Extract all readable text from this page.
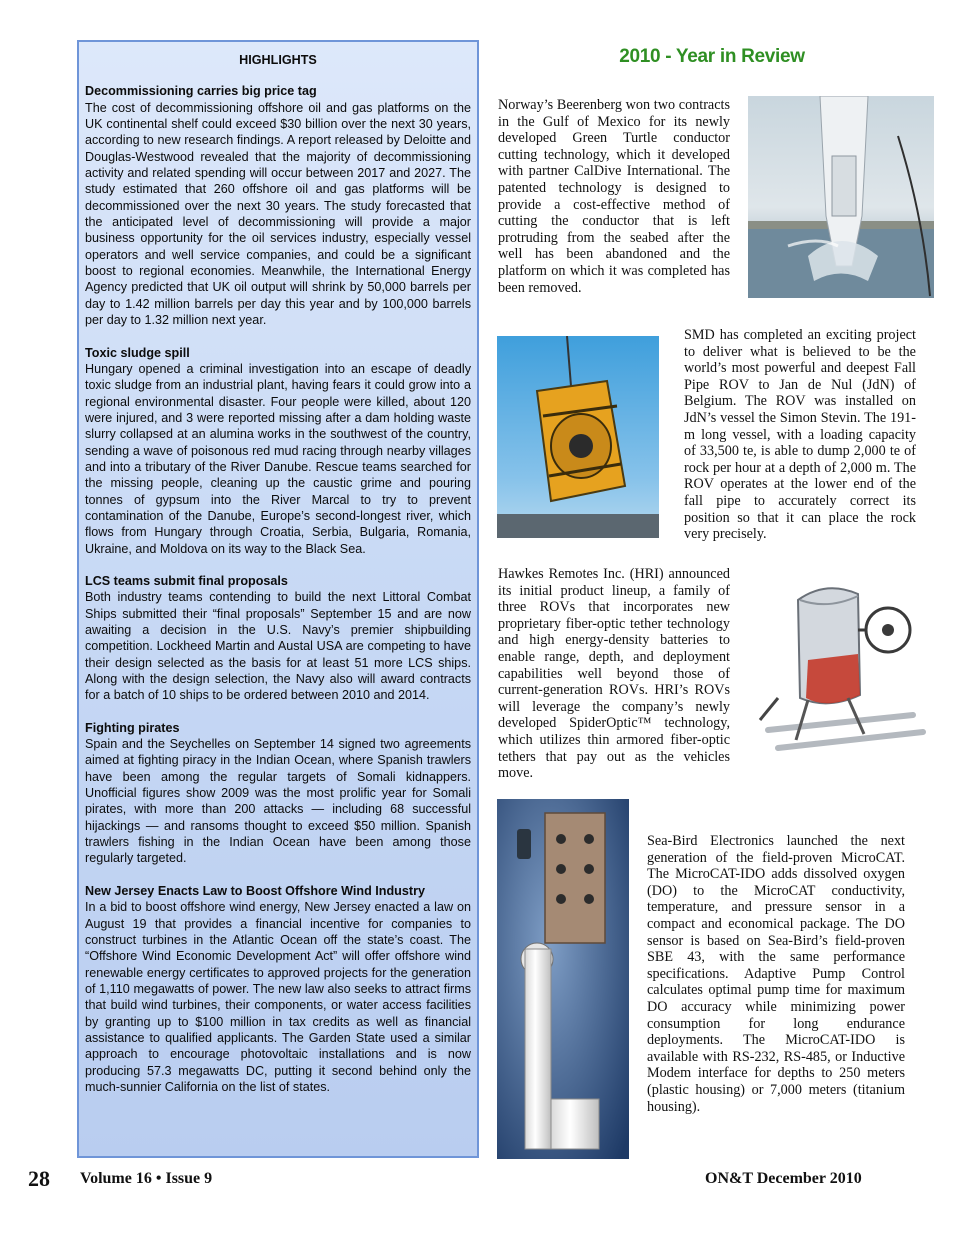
HIGHLIGHTS
Decommissioning carries big price tag

The cost of decommissioning offshore oil and gas platforms on the UK continental shelf could exceed $30 billion over the next 30 years, according to new research findings. A report released by Deloitte and Douglas-Westwood revealed that the majority of decommissioning activity and related spending will occur between 2017 and 2027. The study estimated that 260 offshore oil and gas platforms will be decommissioned over the next 30 years. The study forecasted that the anticipated level of decommissioning will provide a major business opportunity for the oil services industry, especially vessel operators and well service companies, and could be a significant boost to regional economies. Meanwhile, the International Energy Agency predicted that UK oil output will shrink by 50,000 barrels per day to 1.42 million barrels per day this year and by 100,000 barrels per day to 1.32 million next year.

Toxic sludge spill

Hungary opened a criminal investigation into an escape of deadly toxic sludge from an industrial plant, having fears it could grow into a regional environmental disaster. Four people were killed, about 120 were injured, and 3 were reported missing after a dam holding waste slurry collapsed at an alumina works in the southwest of the country, sending a wave of poisonous red mud racing through nearby villages and into a tributary of the River Danube. Rescue teams searched for the missing people, cleaning up the caustic grime and pouring tonnes of gypsum into the River Marcal to try to prevent contamination of the Danube, Europe’s second-longest river, which flows from Hungary through Croatia, Serbia, Bulgaria, Romania, Ukraine, and Moldova on its way to the Black Sea.

LCS teams submit final proposals

Both industry teams contending to build the next Littoral Combat Ships submitted their “final proposals” September 15 and are now awaiting a decision in the U.S. Navy’s premier shipbuilding competition. Lockheed Martin and Austal USA are competing to have their design selected as the basis for at least 51 more LCS ships. Along with the design selection, the Navy also will award contracts for a batch of 10 ships to be ordered between 2010 and 2014.

Fighting pirates

Spain and the Seychelles on September 14 signed two agreements aimed at fighting piracy in the Indian Ocean, where Spanish trawlers have been among the regular targets of Somali kidnappers. Unofficial figures show 2009 was the most prolific year for Somali pirates, with more than 200 attacks — including 68 successful hijackings — and ransoms thought to exceed $50 million. Spanish trawlers fishing in the Indian Ocean have been among those regularly targeted.

New Jersey Enacts Law to Boost Offshore Wind Industry

In a bid to boost offshore wind energy, New Jersey enacted a law on August 19 that provides a financial incentive for companies to construct turbines in the Atlantic Ocean off the state’s coast. The “Offshore Wind Economic Development Act” will offer offshore wind renewable energy certificates to approved projects for the generation of 1,110 megawatts of power. The new law also seeks to attract firms that build wind turbines, their components, or water access facilities by granting up to $100 million in tax credits as well as financial assistance to qualified applicants. The Garden State used a similar approach to encourage photovoltaic installations and is now producing 57.3 megawatts DC, putting it second behind only the much-sunnier California on the list of states.

2010 - Year in Review

Norway’s Beerenberg won two contracts in the Gulf of Mexico for its newly developed Green Turtle conductor cutting technology, which it developed with partner CalDive International. The patented technology is designed to provide a cost-effective method of cutting the conductor that is left protruding from the seabed after the well has been abandoned and the platform on which it was completed has been removed.

SMD has completed an exciting project to deliver what is believed to be the world’s most powerful and deepest Fall Pipe ROV to Jan de Nul (JdN) of Belgium. The ROV was installed on JdN’s vessel the Simon Stevin. The 191-m long vessel, with a loading capacity of 33,500 te, is able to dump 2,000 te of rock per hour at a depth of 2,000 m. The ROV operates at the lower end of the fall pipe to accurately correct its position so that it can place the rock very precisely.

Hawkes Remotes Inc. (HRI) announced its initial product lineup, a family of three ROVs that incorporates new proprietary fiber-optic tether technology and high energy-density batteries to enable range, depth, and deployment capabilities well beyond those of current-generation ROVs. HRI’s ROVs will leverage the company’s newly developed SpiderOptic™ technology, which utilizes thin armored fiber-optic tethers that pay out as the vehicles move.

Sea-Bird Electronics launched the next generation of the field-proven MicroCAT. The MicroCAT-IDO adds dissolved oxygen (DO) to the MicroCAT conductivity, temperature, and pressure sensor in a compact and economical package. The DO sensor is based on Sea-Bird’s field-proven SBE 43, with the same performance specifications. Adaptive Pump Control calculates optimal pump time for maximum DO accuracy while minimizing power consumption for long endurance deployments. The MicroCAT-IDO is available with RS-232, RS-485, or Inductive Modem interface for depths to 250 meters (plastic housing) or 7,000 meters (titanium housing).

28 Volume 16 • Issue 9	ON&T December 2010
